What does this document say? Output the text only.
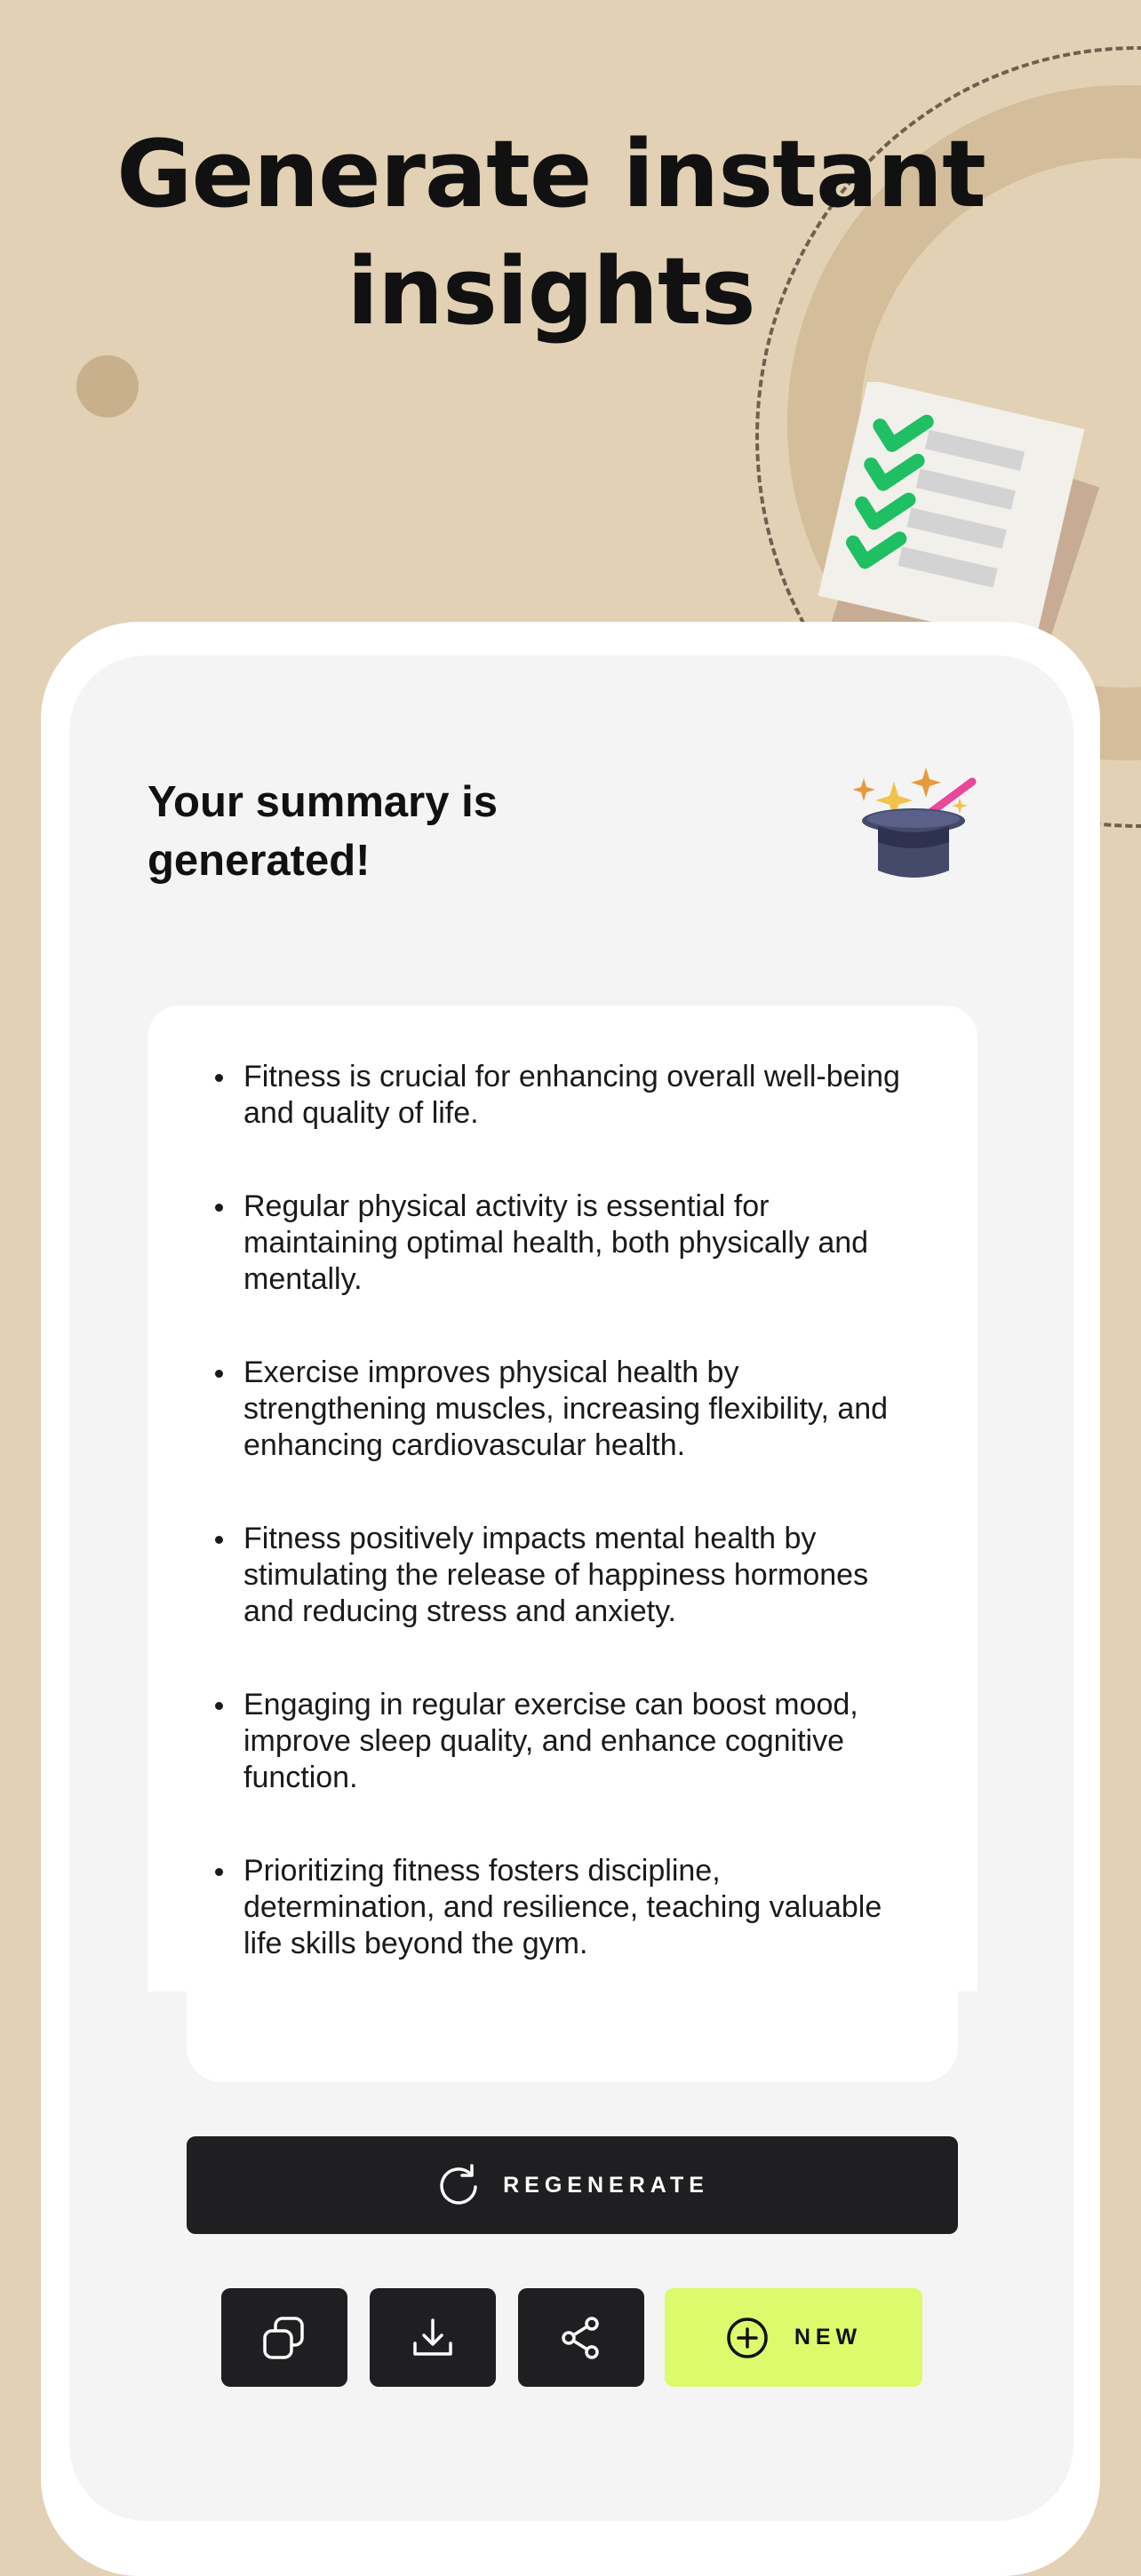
Generate instant
insights
Your summary is
generated!
Fitness is crucial for enhancing overall well-being and quality of life.
Regular physical activity is essential for maintaining optimal health, both physically and mentally.
Exercise improves physical health by strengthening muscles, increasing flexibility, and enhancing cardiovascular health.
Fitness positively impacts mental health by stimulating the release of happiness hormones and reducing stress and anxiety.
Engaging in regular exercise can boost mood, improve sleep quality, and enhance cognitive function.
Prioritizing fitness fosters discipline, determination, and resilience, teaching valuable life skills beyond the gym.
REGENERATE
NEW
